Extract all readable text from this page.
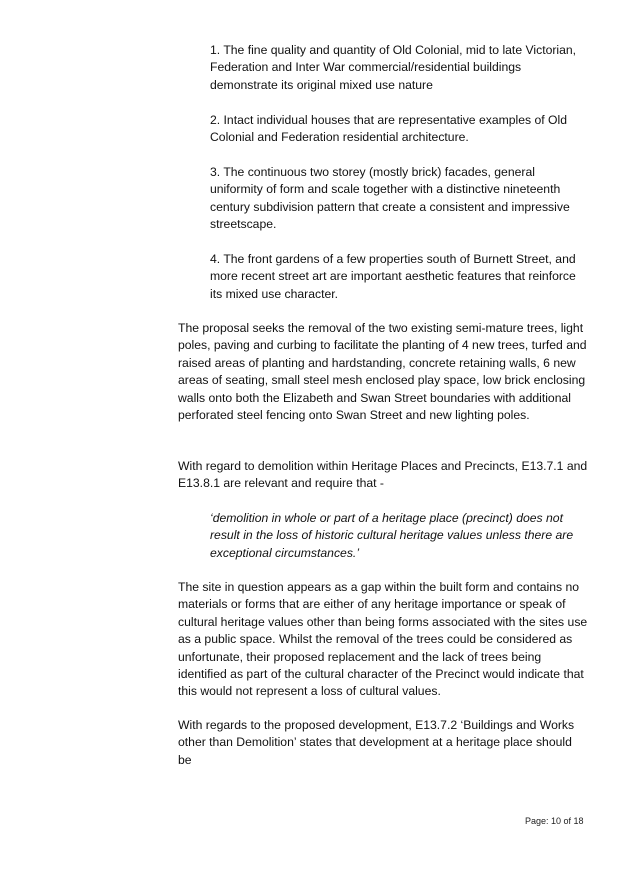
1. The fine quality and quantity of Old Colonial, mid to late Victorian, Federation and Inter War commercial/residential buildings demonstrate its original mixed use nature
2. Intact individual houses that are representative examples of Old Colonial and Federation residential architecture.
3. The continuous two storey (mostly brick) facades, general uniformity of form and scale together with a distinctive nineteenth century subdivision pattern that create a consistent and impressive streetscape.
4. The front gardens of a few properties south of Burnett Street, and more recent street art are important aesthetic features that reinforce its mixed use character.
The proposal seeks the removal of the two existing semi-mature trees, light poles, paving and curbing to facilitate the planting of 4 new trees, turfed and raised areas of planting and hardstanding, concrete retaining walls, 6 new areas of seating, small steel mesh enclosed play space, low brick enclosing walls onto both the Elizabeth and Swan Street boundaries with additional perforated steel fencing onto Swan Street and new lighting poles.
With regard to demolition within Heritage Places and Precincts, E13.7.1 and E13.8.1 are relevant and require that -
‘demolition in whole or part of a heritage place (precinct) does not result in the loss of historic cultural heritage values unless there are exceptional circumstances.’
The site in question appears as a gap within the built form and contains no materials or forms that are either of any heritage importance or speak of cultural heritage values other than being forms associated with the sites use as a public space. Whilst the removal of the trees could be considered as unfortunate, their proposed replacement and the lack of trees being identified as part of the cultural character of the Precinct would indicate that this would not represent a loss of cultural values.
With regards to the proposed development, E13.7.2 ‘Buildings and Works other than Demolition’ states that development at a heritage place should be
Page: 10 of 18
